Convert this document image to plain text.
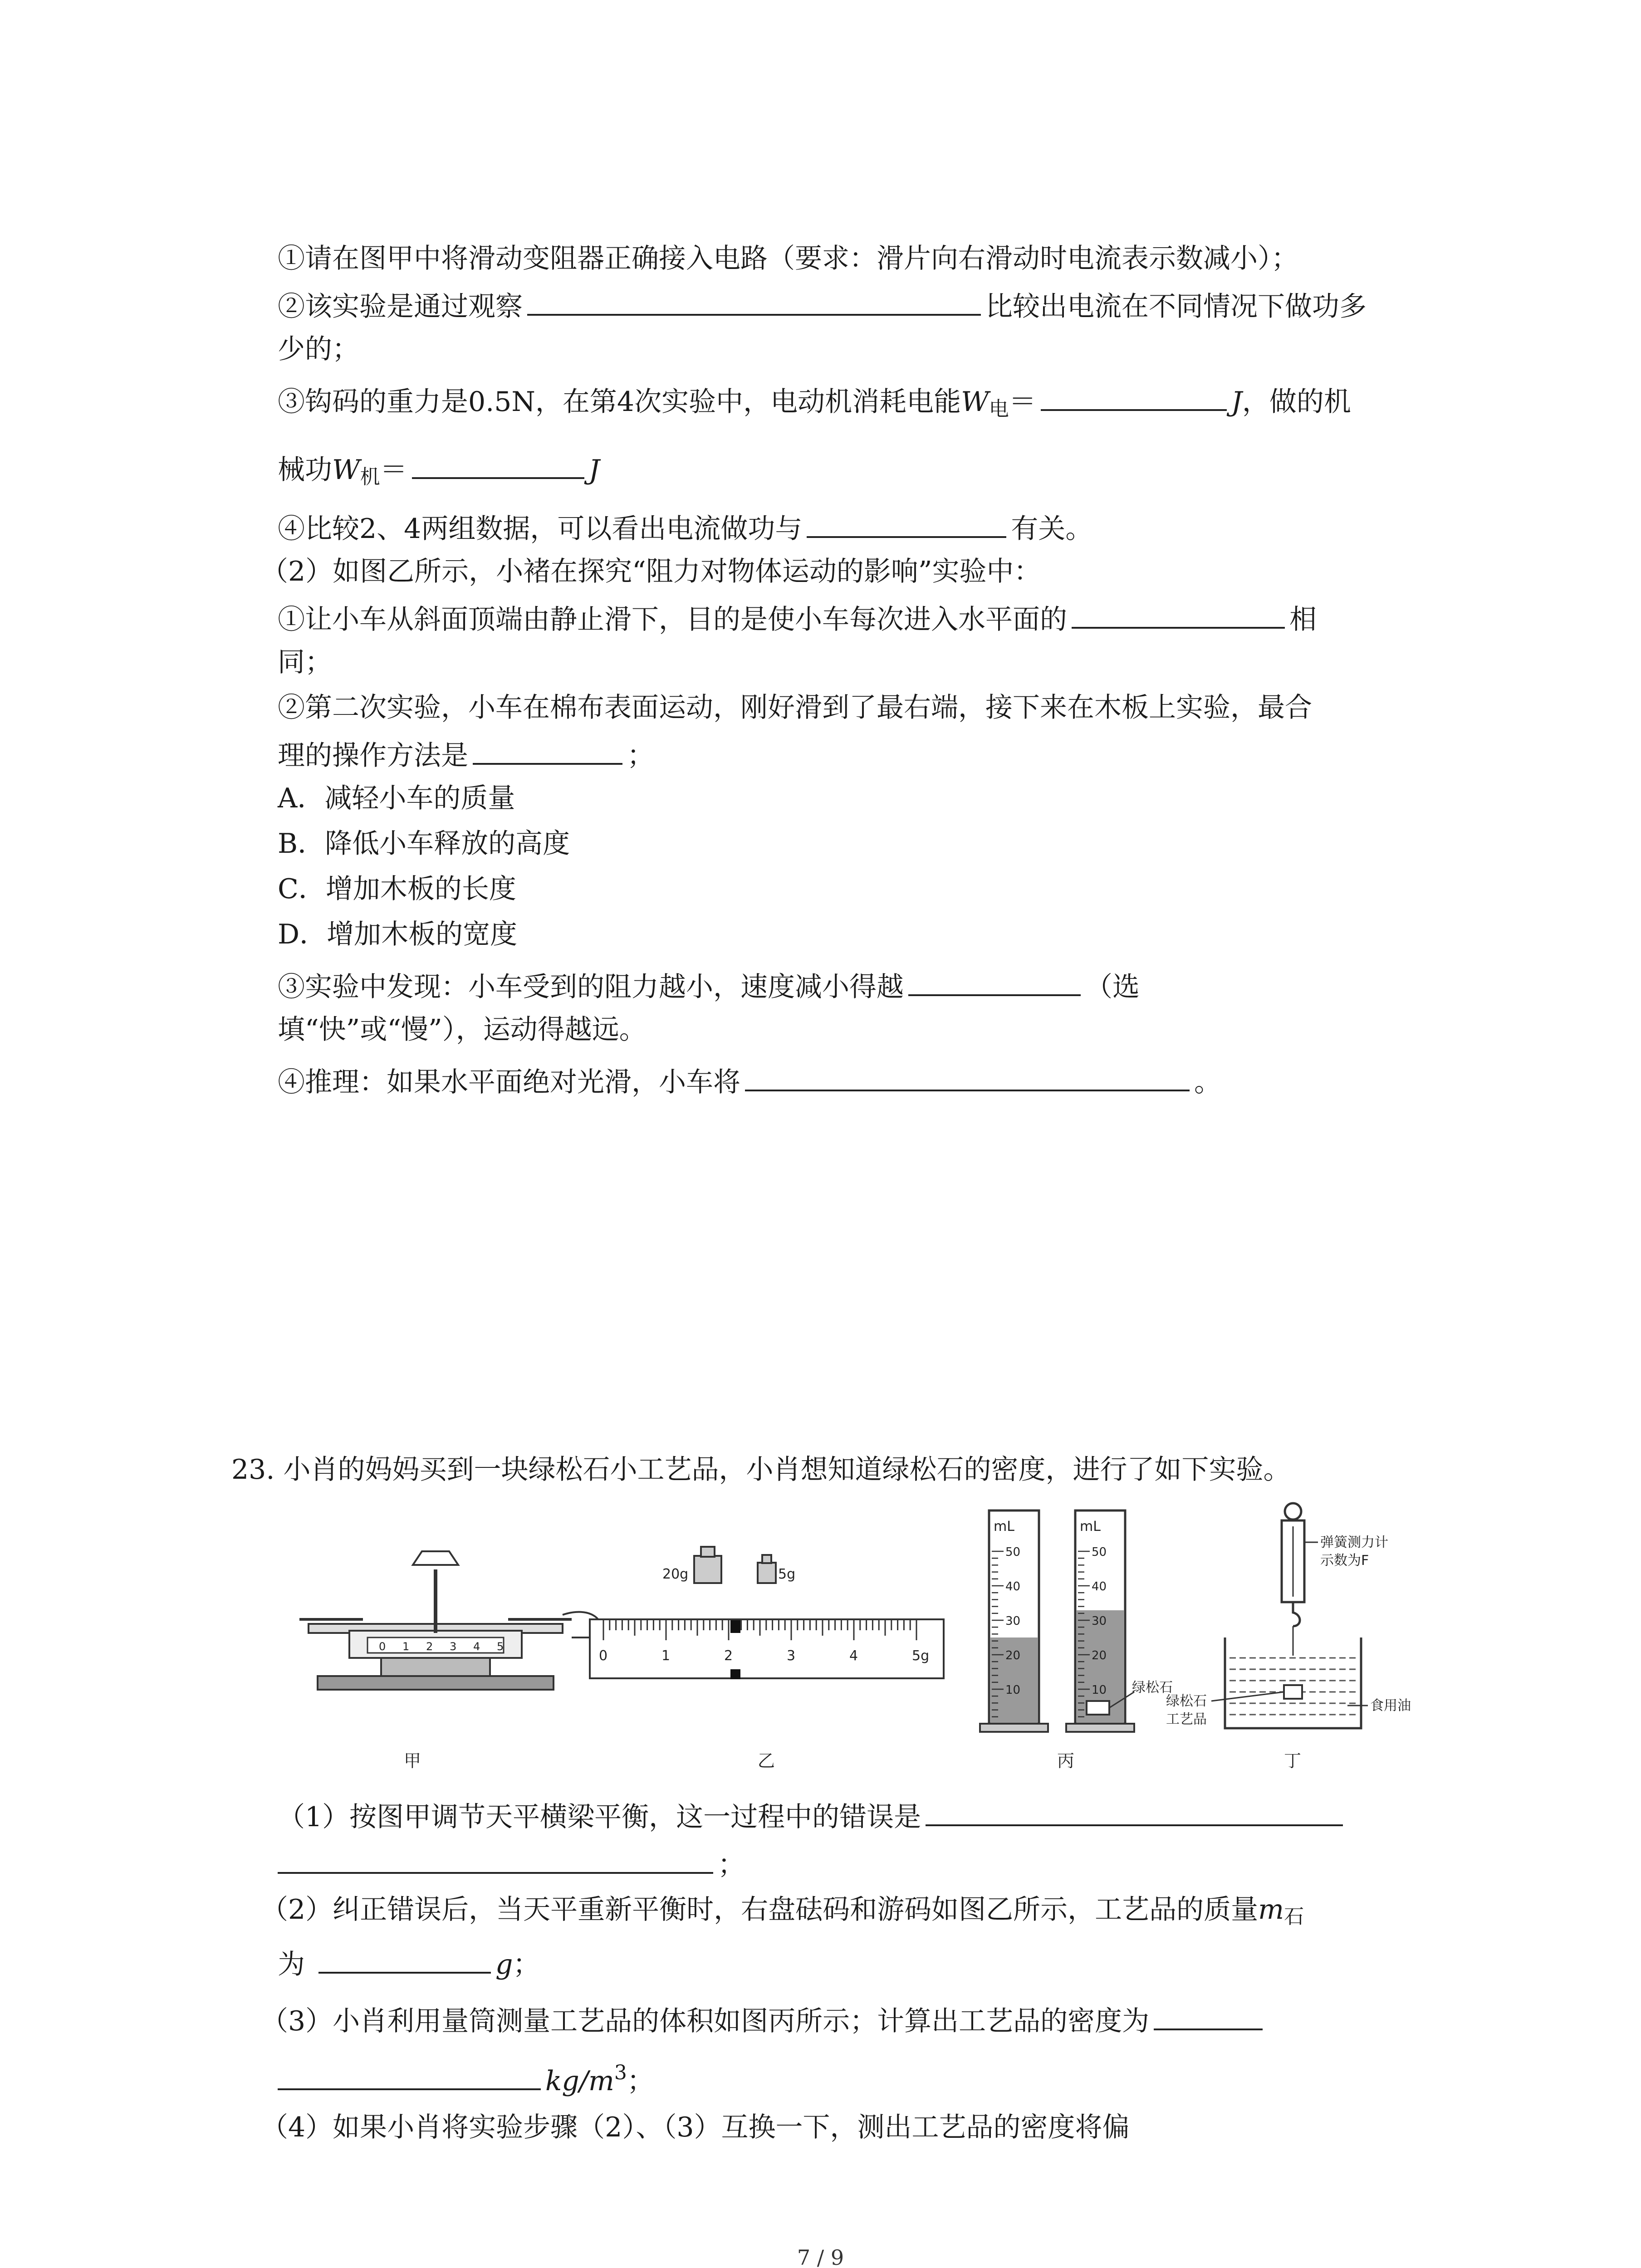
①请在图甲中将滑动变阻器正确接入电路（要求：滑片向右滑动时电流表示数减小）；
②该实验是通过观察	比较出电流在不同情况下做功多
少的；
③钩码的重力是0.5N，在第4次实验中，电动机消耗电能$W_电=$	J，做的机
械功$W_机=$	J
④比较2、4两组数据，可以看出电流做功与	有关。
（2）如图乙所示，小褚在探究“阻力对物体运动的影响”实验中：
①让小车从斜面顶端由静止滑下，目的是使小车每次进入水平面的	相
同；
②第二次实验，小车在棉布表面运动，刚好滑到了最右端，接下来在木板上实验，最合
理的操作方法是	；
A．减轻小车的质量
B．降低小车释放的高度
C．增加木板的长度
D．增加木板的宽度
③实验中发现：小车受到的阻力越小，速度减小得越	（选
填“快”或“慢”），运动得越远。
④推理：如果水平面绝对光滑，小车将	。
23. 小肖的妈妈买到一块绿松石小工艺品，小肖想知道绿松石的密度，进行了如下实验。
0 1 2 3 4 5
甲
20g	5g
0	1	2	3	4	5g
乙
mL
50
40
30
20
10
mL
50
40
30
20
10 绿松石
丙
弹簧测力计
示数为F
绿松石
工艺品
食用油
丁
（1）按图甲调节天平横梁平衡，这一过程中的错误是
；
（2）纠正错误后，当天平重新平衡时，右盘砝码和游码如图乙所示，工艺品的质量$m_石$
为	g；
（3）小肖利用量筒测量工艺品的体积如图丙所示；计算出工艺品的密度为
$kg/m^3$；
（4）如果小肖将实验步骤（2）、（3）互换一下，测出工艺品的密度将偏
7 / 9
